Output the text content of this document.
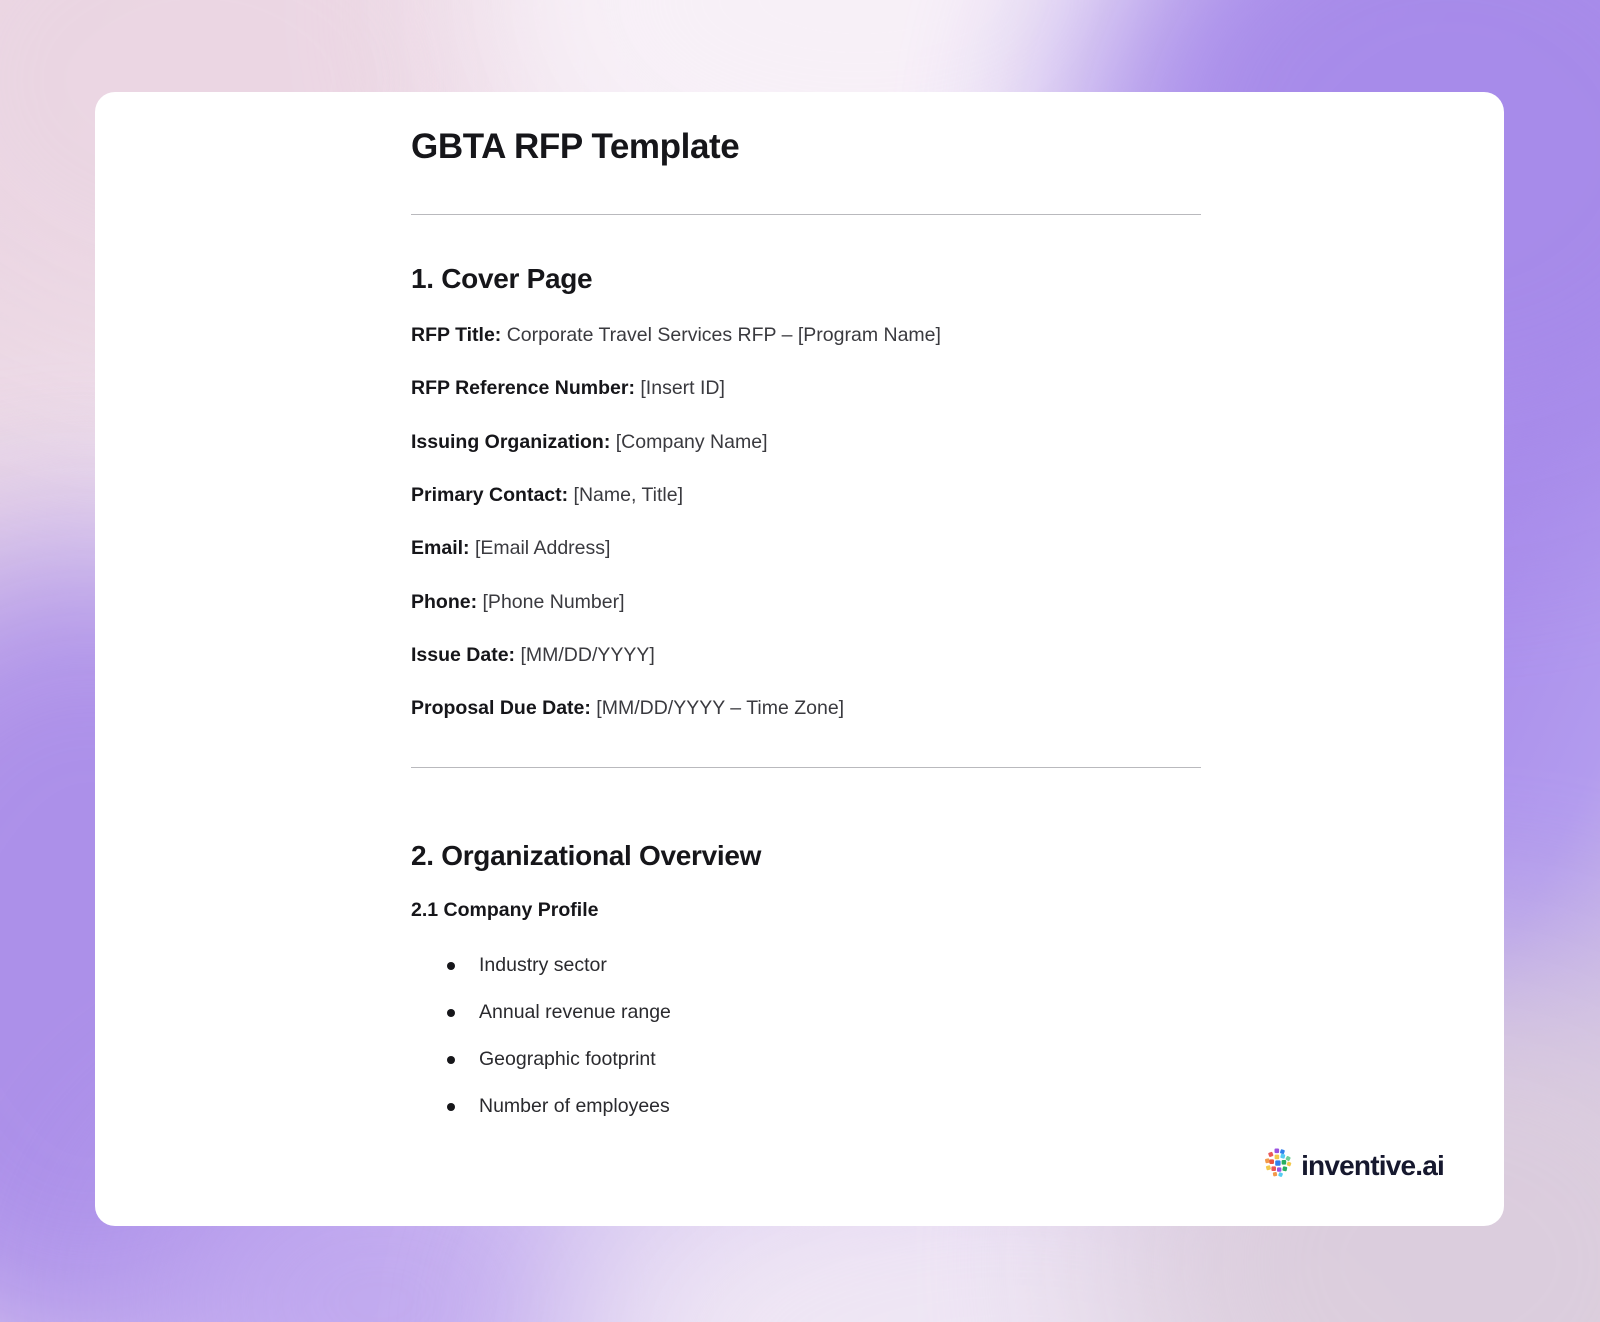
GBTA RFP Template
1. Cover Page

RFP Title: Corporate Travel Services RFP – [Program Name]

RFP Reference Number: [Insert ID]

Issuing Organization: [Company Name]

Primary Contact: [Name, Title]

Email: [Email Address]

Phone: [Phone Number]

Issue Date: [MM/DD/YYYY]

Proposal Due Date: [MM/DD/YYYY – Time Zone]

2. Organizational Overview
2.1 Company Profile
Industry sector
Annual revenue range
Geographic footprint
Number of employees
inventive.ai
